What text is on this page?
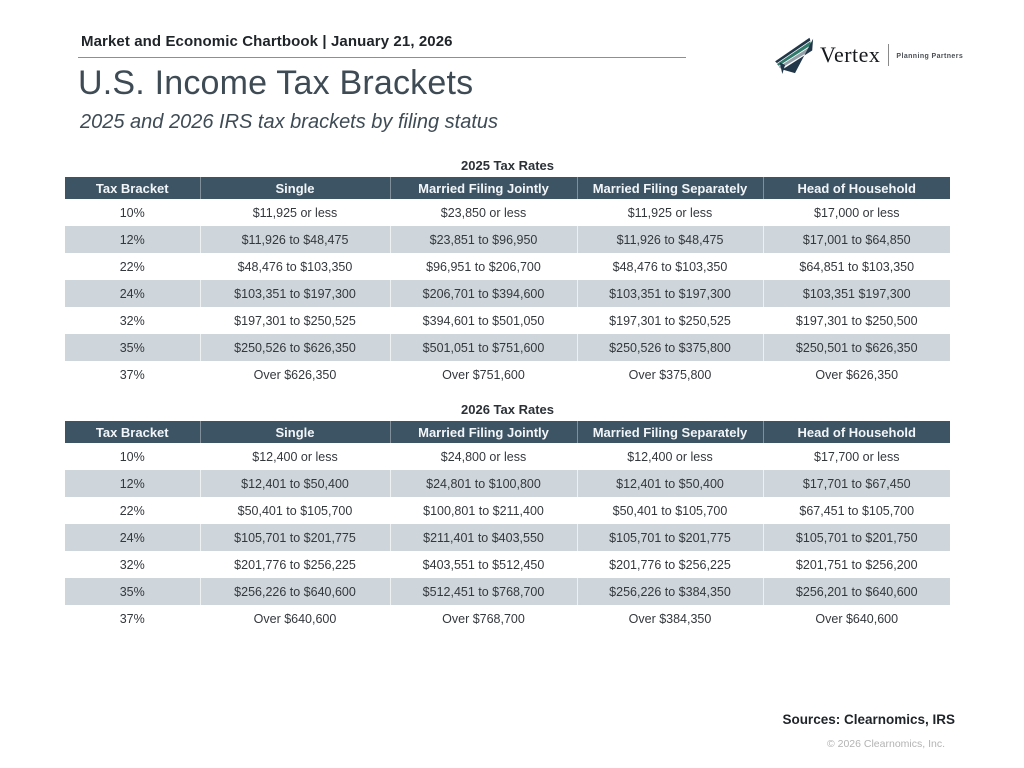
Market and Economic Chartbook | January 21, 2026
Vertex Planning Partners
U.S. Income Tax Brackets
2025 and 2026 IRS tax brackets by filing status
2025 Tax Rates
Tax Bracket	Single	Married Filing Jointly	Married Filing Separately	Head of Household
10%	$11,925 or less	$23,850 or less	$11,925 or less	$17,000 or less
12%	$11,926 to $48,475	$23,851 to $96,950	$11,926 to $48,475	$17,001 to $64,850
22%	$48,476 to $103,350	$96,951 to $206,700	$48,476 to $103,350	$64,851 to $103,350
24%	$103,351 to $197,300	$206,701 to $394,600	$103,351 to $197,300	$103,351 $197,300
32%	$197,301 to $250,525	$394,601 to $501,050	$197,301 to $250,525	$197,301 to $250,500
35%	$250,526 to $626,350	$501,051 to $751,600	$250,526 to $375,800	$250,501 to $626,350
37%	Over $626,350	Over $751,600	Over $375,800	Over $626,350
2026 Tax Rates
Tax Bracket	Single	Married Filing Jointly	Married Filing Separately	Head of Household
10%	$12,400 or less	$24,800 or less	$12,400 or less	$17,700 or less
12%	$12,401 to $50,400	$24,801 to $100,800	$12,401 to $50,400	$17,701 to $67,450
22%	$50,401 to $105,700	$100,801 to $211,400	$50,401 to $105,700	$67,451 to $105,700
24%	$105,701 to $201,775	$211,401 to $403,550	$105,701 to $201,775	$105,701 to $201,750
32%	$201,776 to $256,225	$403,551 to $512,450	$201,776 to $256,225	$201,751 to $256,200
35%	$256,226 to $640,600	$512,451 to $768,700	$256,226 to $384,350	$256,201 to $640,600
37%	Over $640,600	Over $768,700	Over $384,350	Over $640,600
Sources: Clearnomics, IRS
© 2026 Clearnomics, Inc.
